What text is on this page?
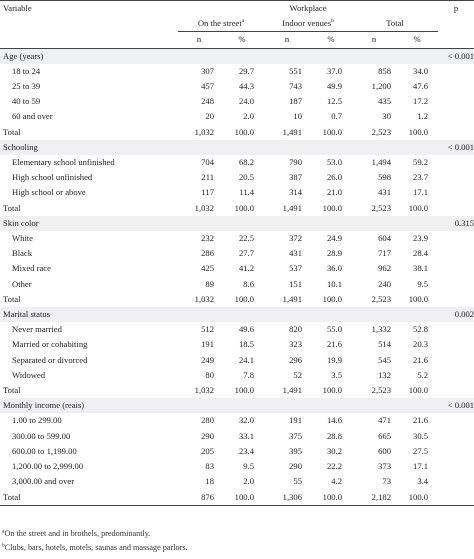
Variable	Workplace						p
	On the street$^a$		Indoor venues$^b$		Total		
	n	%	n	%	n	%	
Age (years)							< 0.001
18 to 24	307	29.7	551	37.0	858	34.0	
25 to 39	457	44.3	743	49.9	1,200	47.6	
40 to 59	248	24.0	187	12.5	435	17.2	
60 and over	20	2.0	10	0.7	30	1.2	
Total	1,032	100.0	1,491	100.0	2,523	100.0	
Schooling							< 0.001
Elementary school unfinished	704	68.2	790	53.0	1,494	59.2	
High school unfinished	211	20.5	387	26.0	598	23.7	
High school or above	117	11.4	314	21.0	431	17.1	
Total	1,032	100.0	1,491	100.0	2,523	100.0	
Skin color							0.315
White	232	22.5	372	24.9	604	23.9	
Black	286	27.7	431	28.9	717	28.4	
Mixed race	425	41.2	537	36.0	962	38.1	
Other	89	8.6	151	10.1	240	9.5	
Total	1,032	100.0	1,491	100.0	2,523	100.0	
Marital status							0.002
Never married	512	49.6	820	55.0	1,332	52.8	
Married or cohabiting	191	18.5	323	21.6	514	20.3	
Separated or divorced	249	24.1	296	19.9	545	21.6	
Widowed	80	7.8	52	3.5	132	5.2	
Total	1,032	100.0	1,491	100.0	2,523	100.0	
Monthly income (reais)							< 0.001
1.00 to 299.00	280	32.0	191	14.6	471	21.6	
300.00 to 599.00	290	33.1	375	28.8	665	30.5	
600.00 to 1,199.00	205	23.4	395	30.2	600	27.5	
1,200.00 to 2,999.00	83	9.5	290	22.2	373	17.1	
3,000.00 and over	18	2.0	55	4.2	73	3.4	
Total	876	100.0	1,306	100.0	2,182	100.0	
$^a$On the street and in brothels, predominantly.
$^b$Clubs, bars, hotels, motels, saunas and massage parlors.
